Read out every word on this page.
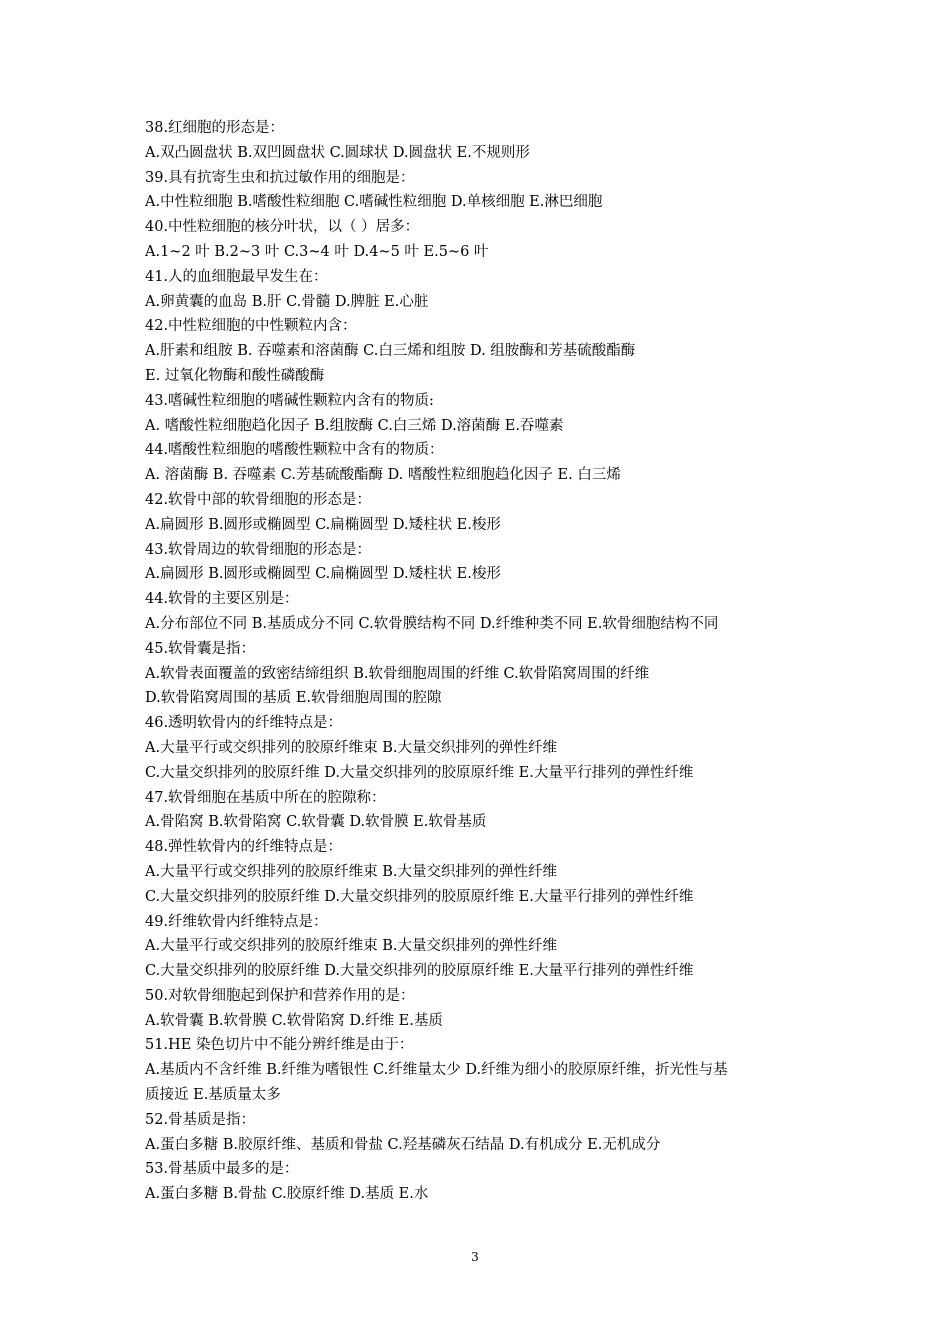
38.红细胞的形态是：
A.双凸圆盘状 B.双凹圆盘状 C.圆球状 D.圆盘状 E.不规则形
39.具有抗寄生虫和抗过敏作用的细胞是：
A.中性粒细胞 B.嗜酸性粒细胞 C.嗜碱性粒细胞 D.单核细胞 E.淋巴细胞
40.中性粒细胞的核分叶状，以（ ）居多：
A.1~2 叶 B.2~3 叶 C.3~4 叶 D.4~5 叶 E.5~6 叶
41.人的血细胞最早发生在：
A.卵黄囊的血岛 B.肝 C.骨髓 D.脾脏 E.心脏
42.中性粒细胞的中性颗粒内含：
A.肝素和组胺 B. 吞噬素和溶菌酶 C.白三烯和组胺 D. 组胺酶和芳基硫酸酯酶
E. 过氧化物酶和酸性磷酸酶
43.嗜碱性粒细胞的嗜碱性颗粒内含有的物质:
A. 嗜酸性粒细胞趋化因子 B.组胺酶 C.白三烯 D.溶菌酶 E.吞噬素
44.嗜酸性粒细胞的嗜酸性颗粒中含有的物质：
A. 溶菌酶 B. 吞噬素 C.芳基硫酸酯酶 D. 嗜酸性粒细胞趋化因子 E. 白三烯
42.软骨中部的软骨细胞的形态是：
A.扁圆形 B.圆形或椭圆型 C.扁椭圆型 D.矮柱状 E.梭形
43.软骨周边的软骨细胞的形态是：
A.扁圆形 B.圆形或椭圆型 C.扁椭圆型 D.矮柱状 E.梭形
44.软骨的主要区别是：
A.分布部位不同 B.基质成分不同 C.软骨膜结构不同 D.纤维种类不同 E.软骨细胞结构不同
45.软骨囊是指：
A.软骨表面覆盖的致密结缔组织 B.软骨细胞周围的纤维 C.软骨陷窝周围的纤维
D.软骨陷窝周围的基质 E.软骨细胞周围的腔隙
46.透明软骨内的纤维特点是：
A.大量平行或交织排列的胶原纤维束 B.大量交织排列的弹性纤维
C.大量交织排列的胶原纤维 D.大量交织排列的胶原原纤维 E.大量平行排列的弹性纤维
47.软骨细胞在基质中所在的腔隙称：
A.骨陷窝 B.软骨陷窝 C.软骨囊 D.软骨膜 E.软骨基质
48.弹性软骨内的纤维特点是：
A.大量平行或交织排列的胶原纤维束 B.大量交织排列的弹性纤维
C.大量交织排列的胶原纤维 D.大量交织排列的胶原原纤维 E.大量平行排列的弹性纤维
49.纤维软骨内纤维特点是：
A.大量平行或交织排列的胶原纤维束 B.大量交织排列的弹性纤维
C.大量交织排列的胶原纤维 D.大量交织排列的胶原原纤维 E.大量平行排列的弹性纤维
50.对软骨细胞起到保护和营养作用的是：
A.软骨囊 B.软骨膜 C.软骨陷窝 D.纤维 E.基质
51.HE 染色切片中不能分辨纤维是由于：
A.基质内不含纤维 B.纤维为嗜银性 C.纤维量太少 D.纤维为细小的胶原原纤维，折光性与基
质接近 E.基质量太多
52.骨基质是指：
A.蛋白多糖 B.胶原纤维、基质和骨盐 C.羟基磷灰石结晶 D.有机成分 E.无机成分
53.骨基质中最多的是：
A.蛋白多糖 B.骨盐 C.胶原纤维 D.基质 E.水
3
